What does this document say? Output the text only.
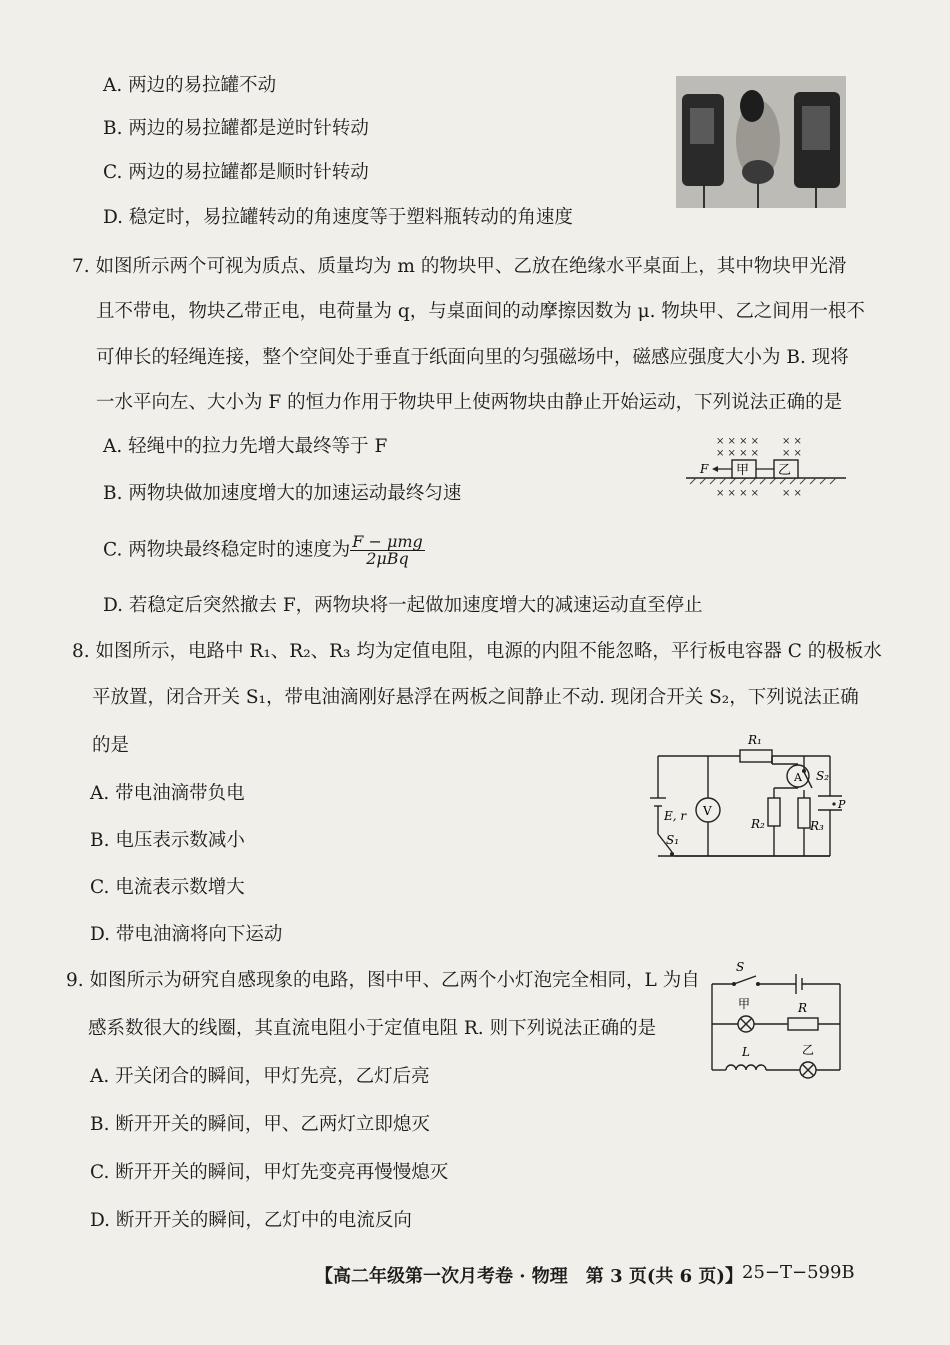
A. 两边的易拉罐不动
B. 两边的易拉罐都是逆时针转动
C. 两边的易拉罐都是顺时针转动
D. 稳定时，易拉罐转动的角速度等于塑料瓶转动的角速度
7. 如图所示两个可视为质点、质量均为 m 的物块甲、乙放在绝缘水平桌面上，其中物块甲光滑
且不带电，物块乙带正电，电荷量为 q，与桌面间的动摩擦因数为 μ. 物块甲、乙之间用一根不
可伸长的轻绳连接，整个空间处于垂直于纸面向里的匀强磁场中，磁感应强度大小为 B. 现将
一水平向左、大小为 F 的恒力作用于物块甲上使两物块由静止开始运动，下列说法正确的是
A. 轻绳中的拉力先增大最终等于 F
B. 两物块做加速度增大的加速运动最终匀速
C. 两物块最终稳定时的速度为 $\frac{\text{F − μmg}}{\text{2μBq}}$
D. 若稳定后突然撤去 F，两物块将一起做加速度增大的减速运动直至停止
× × × × × ×
× × × × × ×
× × × × × ×
甲 乙
F
8. 如图所示，电路中 R₁、R₂、R₃ 均为定值电阻，电源的内阻不能忽略，平行板电容器 C 的极板水
平放置，闭合开关 S₁，带电油滴刚好悬浮在两板之间静止不动. 现闭合开关 S₂，下列说法正确
的是
A. 带电油滴带负电
B. 电压表示数减小
C. 电流表示数增大
D. 带电油滴将向下运动
R₁
V
A
R₂	R₃
S₂
P
E, r
S₁
9. 如图所示为研究自感现象的电路，图中甲、乙两个小灯泡完全相同，L 为自
感系数很大的线圈，其直流电阻小于定值电阻 R. 则下列说法正确的是
A. 开关闭合的瞬间，甲灯先亮，乙灯后亮
B. 断开开关的瞬间，甲、乙两灯立即熄灭
C. 断开开关的瞬间，甲灯先变亮再慢慢熄灭
D. 断开开关的瞬间，乙灯中的电流反向
S
甲	R
L	乙
【高二年级第一次月考卷 · 物理　第 3 页(共 6 页)】 25−T−599B
